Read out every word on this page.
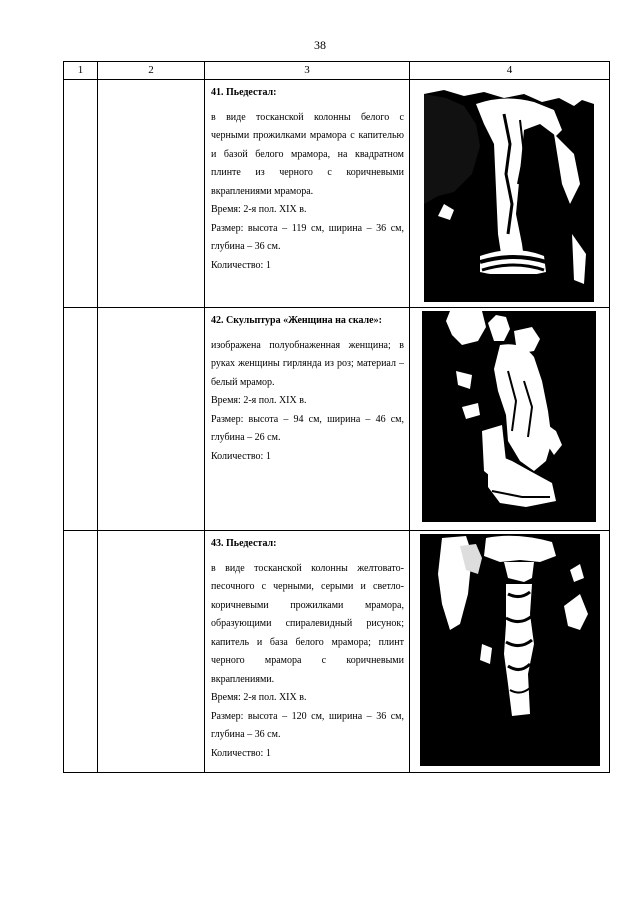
38
1	2	3	4

		41. Пьедестал:
в виде тосканской колонны белого с черными прожилками мрамора с капителью и базой белого мрамора, на квадратном плинте из черного с коричневыми вкраплениями мрамора.
Время: 2-я пол. XIX в.
Размер: высота – 119 см, ширина – 36 см, глубина – 36 см.
Количество: 1

		42. Скульптура «Женщина на скале»:
изображена полуобнаженная женщина; в руках женщины гирлянда из роз; материал – белый мрамор.
Время: 2-я пол. XIX в.
Размер: высота – 94 см, ширина – 46 см, глубина – 26 см.
Количество: 1

		43. Пьедестал:
в виде тосканской колонны желтовато-песочного с черными, серыми и светло-коричневыми прожилками мрамора, образующими спиралевидный рисунок; капитель и база белого мрамора; плинт черного мрамора с коричневыми вкраплениями.
Время: 2-я пол. XIX в.
Размер: высота – 120 см, ширина – 36 см, глубина – 36 см.
Количество: 1
